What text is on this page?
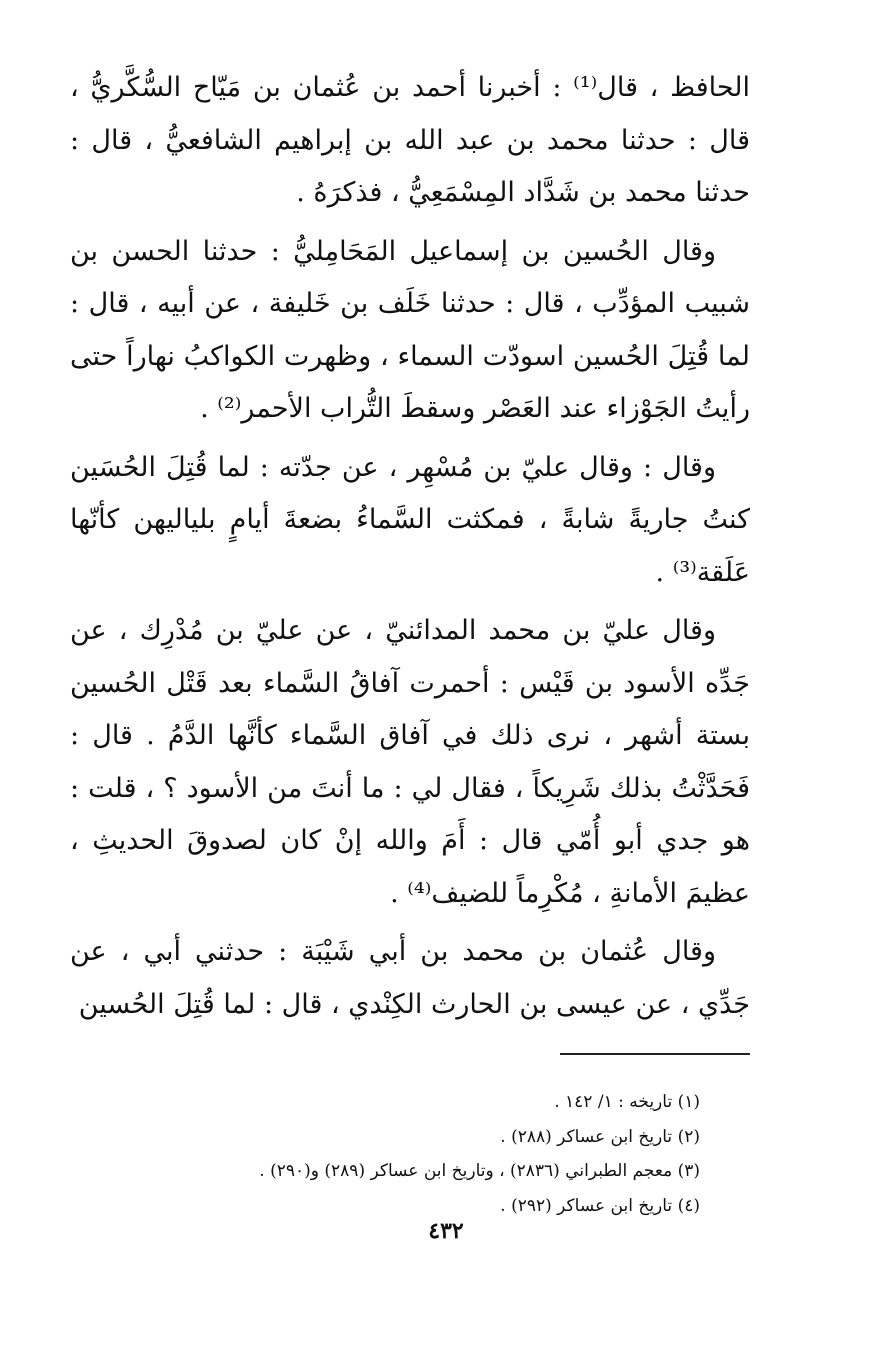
الحافظ ، قال⁽¹⁾ : أخبرنا أحمد بن عُثمان بن مَيّاح السُّكَّريُّ ، قال : حدثنا محمد بن عبد الله بن إبراهيم الشافعيُّ ، قال : حدثنا محمد بن شَدَّاد المِسْمَعِيُّ ، فذكرَهُ .

وقال الحُسين بن إسماعيل المَحَامِليُّ : حدثنا الحسن بن شبيب المؤدِّب ، قال : حدثنا خَلَف بن خَليفة ، عن أبيه ، قال : لما قُتِلَ الحُسين اسودّت السماء ، وظهرت الكواكبُ نهاراً حتى رأيتُ الجَوْزاء عند العَصْر وسقطَ التُّراب الأحمر⁽²⁾ .

وقال : وقال عليّ بن مُسْهِر ، عن جدّته : لما قُتِلَ الحُسَين كنتُ جاريةً شابةً ، فمكثت السَّماءُ بضعةَ أيامٍ بلياليهن كأنّها عَلَقة⁽³⁾ .

وقال عليّ بن محمد المدائنيّ ، عن عليّ بن مُدْرِك ، عن جَدِّه الأسود بن قَيْس : أحمرت آفاقُ السَّماء بعد قَتْل الحُسين بستة أشهر ، نرى ذلك في آفاق السَّماء كأنَّها الدَّمُ . قال : فَحَدَّثْتُ بذلك شَرِيكاً ، فقال لي : ما أنتَ من الأسود ؟ ، قلت : هو جدي أبو أُمّي قال : أَمَ والله إنْ كان لصدوقَ الحديثِ ، عظيمَ الأمانةِ ، مُكْرِماً للضيف⁽⁴⁾ .

وقال عُثمان بن محمد بن أبي شَيْبَة : حدثني أبي ، عن جَدِّي ، عن عيسى بن الحارث الكِنْدي ، قال : لما قُتِلَ الحُسين

(١) تاريخه : ١/ ١٤٢ .
(٢) تاريخ ابن عساكر (٢٨٨) .
(٣) معجم الطبراني (٢٨٣٦) ، وتاريخ ابن عساكر (٢٨٩) و(٢٩٠) .
(٤) تاريخ ابن عساكر (٢٩٢) .
٤٣٢
